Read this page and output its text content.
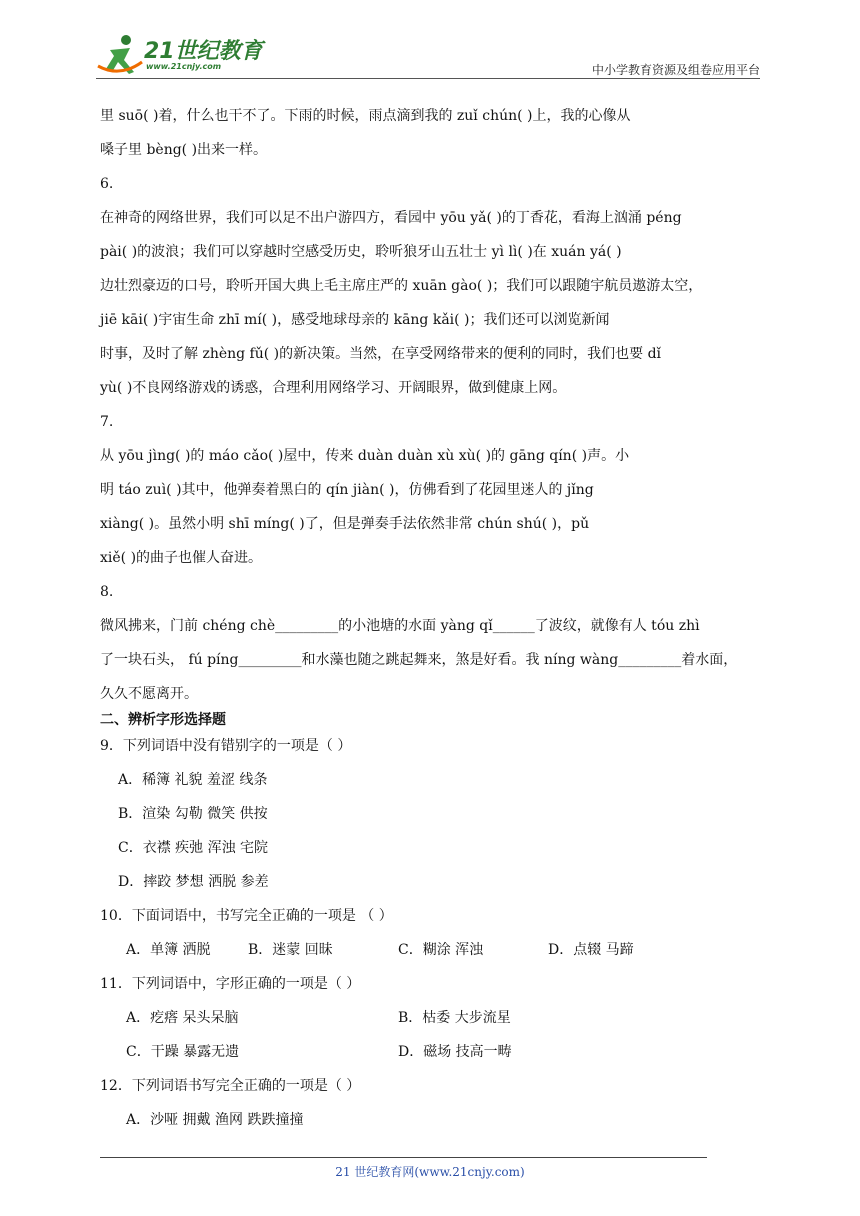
21世纪教育
www.21cnjy.com	中小学教育资源及组卷应用平台
里 suō( )着，什么也干不了。下雨的时候，雨点滴到我的 zuǐ chún( )上，我的心像从
嗓子里 bèng( )出来一样。
6.
在神奇的网络世界，我们可以足不出户游四方，看园中 yōu yǎ( )的丁香花，看海上汹涌 péng
pài( )的波浪；我们可以穿越时空感受历史，聆听狼牙山五壮士 yì lì( )在 xuán yá( )
边壮烈豪迈的口号，聆听开国大典上毛主席庄严的 xuān gào( )；我们可以跟随宇航员遨游太空，
jiē kāi( )宇宙生命 zhī mí( )，感受地球母亲的 kāng kǎi( )；我们还可以浏览新闻
时事，及时了解 zhèng fǔ( )的新决策。当然，在享受网络带来的便利的同时，我们也要 dǐ
yù( )不良网络游戏的诱惑，合理利用网络学习、开阔眼界，做到健康上网。
7.
从 yōu jìng( )的 máo cǎo( )屋中，传来 duàn duàn xù xù( )的 gāng qín( )声。小
明 táo zuì( )其中，他弹奏着黑白的 qín jiàn( )，仿佛看到了花园里迷人的 jǐng
xiàng( )。虽然小明 shī míng( )了，但是弹奏手法依然非常 chún shú( )，pǔ
xiě( )的曲子也催人奋进。
8.
微风拂来，门前 chéng chè_________的小池塘的水面 yàng qǐ______了波纹，就像有人 tóu zhì
了一块石头， fú píng_________和水藻也随之跳起舞来，煞是好看。我 níng wàng_________着水面，
久久不愿离开。
二、辨析字形选择题
9．下列词语中没有错别字的一项是（ ）
A．稀簿 礼貌 羞涩 线条
B．渲染 勾勒 微笑 供按
C．衣襟 疾弛 浑浊 宅院
D．摔跤 梦想 洒脱 参差
10．下面词语中，书写完全正确的一项是 （ ）
A．单簿 洒脱	B．迷蒙 回昧	C．糊涂 浑浊	D．点辍 马蹄
11．下列词语中，字形正确的一项是（ ）
A．疙瘩 呆头呆脑	B．枯委 大步流星
C．干躁 暴露无遗	D．磁场 技高一畴
12．下列词语书写完全正确的一项是（ ）
A．沙哑 拥戴 渔网 跌跌撞撞
21 世纪教育网(www.21cnjy.com)
